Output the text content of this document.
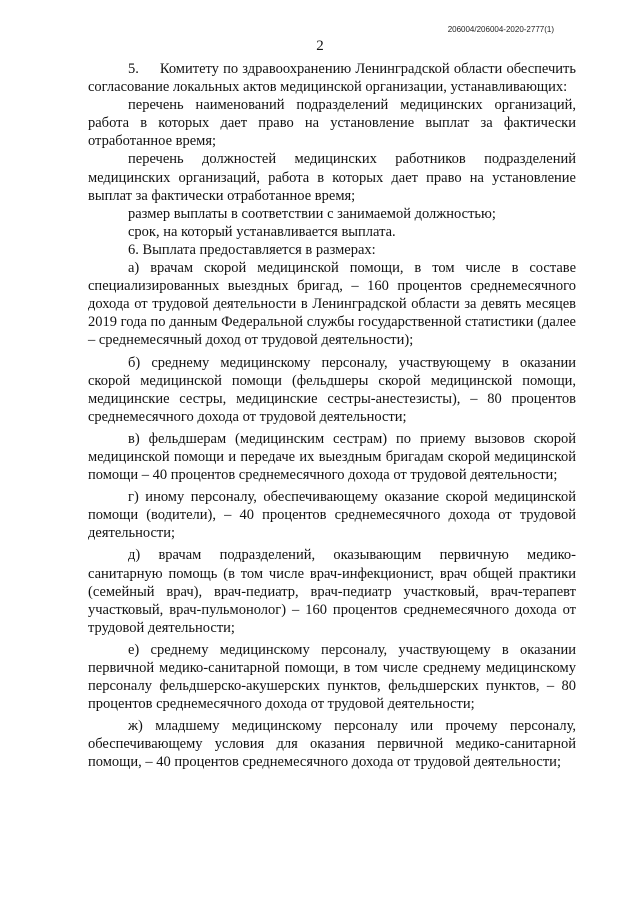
206004/206004-2020-2777(1)
2

5.     Комитету по здравоохранению Ленинградской области обеспечить согласование локальных актов медицинской организации, устанавливающих:

перечень наименований подразделений медицинских организаций, работа в которых дает право на установление выплат за фактически отработанное время;

перечень должностей медицинских работников подразделений медицинских организаций, работа в которых дает право на установление выплат за фактически отработанное время;

размер выплаты в соответствии с занимаемой должностью;

срок, на который устанавливается выплата.

6. Выплата предоставляется в размерах:

а) врачам скорой медицинской помощи, в том числе в составе специализированных выездных бригад, – 160 процентов среднемесячного дохода от трудовой деятельности в Ленинградской области за девять месяцев 2019 года по данным Федеральной службы государственной статистики (далее – среднемесячный доход от трудовой деятельности);

б) среднему медицинскому персоналу, участвующему в оказании скорой медицинской помощи (фельдшеры скорой медицинской помощи, медицинские сестры, медицинские сестры-анестезисты), – 80 процентов среднемесячного дохода от трудовой деятельности;

в) фельдшерам (медицинским сестрам) по приему вызовов скорой медицинской помощи и передаче их выездным бригадам скорой медицинской помощи – 40 процентов среднемесячного дохода от трудовой деятельности;

г) иному персоналу, обеспечивающему оказание скорой медицинской помощи (водители), – 40 процентов среднемесячного дохода от трудовой деятельности;

д) врачам подразделений, оказывающим первичную медико-санитарную помощь (в том числе врач-инфекционист, врач общей практики (семейный врач), врач-педиатр, врач-педиатр участковый, врач-терапевт участковый, врач-пульмонолог) – 160 процентов среднемесячного дохода от трудовой деятельности;

е) среднему медицинскому персоналу, участвующему в оказании первичной медико-санитарной помощи, в том числе среднему медицинскому персоналу фельдшерско-акушерских пунктов, фельдшерских пунктов, – 80 процентов среднемесячного дохода от трудовой деятельности;

ж) младшему медицинскому персоналу или прочему персоналу, обеспечивающему условия для оказания первичной медико-санитарной помощи, – 40 процентов среднемесячного дохода от трудовой деятельности;
